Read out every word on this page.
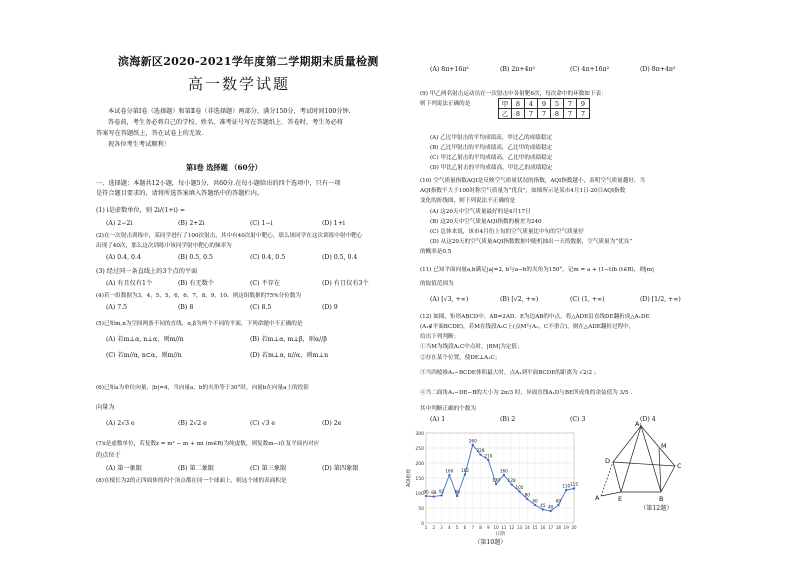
滨海新区2020-2021学年度第二学期期末质量检测
高一数学试题
本试卷分第Ⅰ卷（选择题）和第Ⅱ卷（非选择题）两部分，满分150分，考试时间100分钟.
答卷前，考生务必将自己的学校、姓名、准考证号写在答题纸上．答卷时，考生务必将
答案写在答题纸上，答在试卷上的无效.
祝各位考生考试顺利！
第Ⅰ卷 选择题 （60分）
一、选择题：本题共12小题，每小题5分，共60分.在每小题给出的四个选项中，只有一项
是符合题目要求的，请将所选答案填入答题纸中的答题栏内。
(1) i是虚数单位，则 2i/(1+i) =
(A) 2−2i	(B) 2+2i	(C) 1−i	(D) 1+i
(2)在一次射击训练中，某同学进行了100次射击，其中有40次射中靶心，那么该同学在这次训练中射中靶心
出现了40次，那么这次训练中该同学射中靶心的频率为
(A) 0.4, 0.4	(B) 0.5, 0.5	(C) 0.4, 0.5	(D) 0.5, 0.4
(3) 经过同一条直线上的3个点的平面
(A) 有且仅有1个	(B) 有无数个	(C) 不存在	(D) 有且仅有3个
(4)若一组数据为3，4，5，5，6，6，7，8，9，10，则这组数据的75%分位数为
(A) 7.5	(B) 8	(C) 8.5	(D) 9
(5)已知m,n为空间两条不同的直线，α,β为两个不同的平面，下列命题中不正确的是
(A) 若m⊥α, n⊥α，则m//n	(B) 若m⊥α, m⊥β，则α//β
(C) 若m//α, n⊂α，则m//n	(D) 若m⊥α, n//α，则m⊥n
(6)已知a为单位向量，|b|=4，当向量a，b的夹角等于30°时，向量b在向量a上的投影
向量为
(A) 2√3 e	(B) 2√2 e	(C) √3 e	(D) 2e
(7)i是虚数单位，若复数z = m² − m + mi (m∈R)为纯虚数，则复数m−i在复平面内对应
的点位于
(A) 第一象限	(B) 第二象限	(C) 第三象限	(D) 第四象限
(8)在棱长为2的正四面体的四个顶点都在同一个球面上，则这个球的表面积是
(A) 8π+16π²	(B) 2π+4π²	(C) 4π+16π²	(D) 8π+4π²
(9) 甲乙两名射击运动员在一次射击中各射靶6次，每次命中的环数如下表：
则下列说法正确的是	甲	8	4	9	5	7	9
乙	8	7	7	8	7	7
(A) 乙比甲射击的平均成绩高，甲比乙的成绩稳定
(B) 乙比甲射击的平均成绩高，乙比甲的成绩稳定
(C) 甲比乙射击的平均成绩高，乙比甲的成绩稳定
(D) 甲比乙射击的平均成绩高，甲比乙的成绩稳定
(10) 空气质量指数AQI是反映空气质量状况的指数，AQI指数越小，表明空气质量越好，当
AQI指数不大于100时称空气质量为“优良”，如图所示是某市4月1日-20日AQI指数
变化的折线图，则下列说法不正确的是
(A) 这20天中空气质量最好的是4月17日
(B) 这20天中空气质量AQI指数的极差为240
(C) 总体来说，该市4月份上旬的空气质量比中旬的空气质量好
(D) 从这20天的空气质量AQI指数数据中随机抽出一天的数据，空气质量为“优良”
的概率是0.5
(11) 已知平面向量a,b满足|a|=2, b与a−b的夹角为150°，记m = a + (1−t)b (t∈R)，则|m|
的取值范围为
(A) [√3, +∞)	(B) [√2, +∞)	(C) (1, +∞)	(D) [1/2, +∞)
(12) 如图，矩形ABCD中，AB=2AD，E为边AB的中点，将△ADE沿直线DE翻折成△A₁DE
(A₁∉平面BCDE)，若M在线段A₁C上(点M与A₁，C不重合)，则在△ADE翻折过程中，
给出下列判断：
①当M为线段A₁C中点时，|BM|为定值；
②存在某个位置，使DE⊥A₁C；
③当四棱锥A₁−BCDE体积最大时，点A₁到平面BCDE的距离为 √2/2 ；
④当二面角A₁−DE−B的大小为 2π/3 时，异面直线A₁D与BE所成角的余弦值为 3/5 .
其中判断正确的个数为
(A) 1	(B) 2	(C) 3	(D) 4
0
50
100
150
200
250
300
1 2 3 4 5 6 7 8 9 10 11 12 13 14 15 16 17 18 19 20
日期
AQI指数
90 88 92
160
90
162
260
228
210
130
160
128
105
80
60
45 40
60
110 115
（第10题）
A₁
M
D
C
E	B
A
（第12题）
